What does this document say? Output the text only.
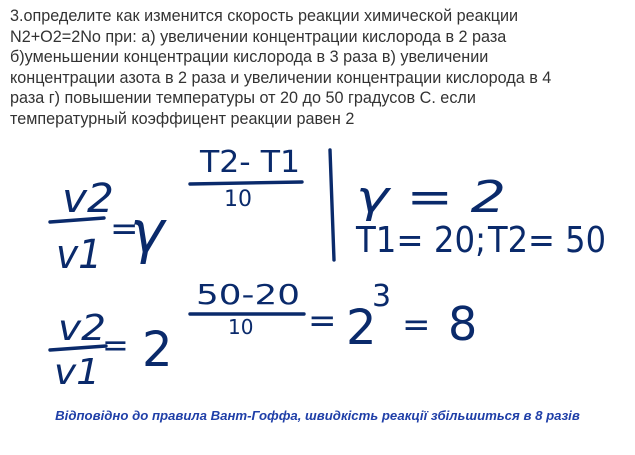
3.определите как изменится скорость реакции химической реакции
N2+O2=2No при: а) увеличении концентрации кислорода в 2 раза
б)уменьшении концентрации кислорода в 3 раза в) увеличении
концентрации азота в 2 раза и увеличении концентрации кислорода в 4
раза г) повышении температуры от 20 до 50 градусов С. если
температурный коэффицент реакции равен 2

v2
v1
=
γ
T2- T1
10 γ = 2
T1= 20; T2= 50
v2
v1
= 2
50-20
10 = 2
3
= 8

Відповідно до правила Вант-Гоффа, швидкість реакції збільшиться в 8 разів
